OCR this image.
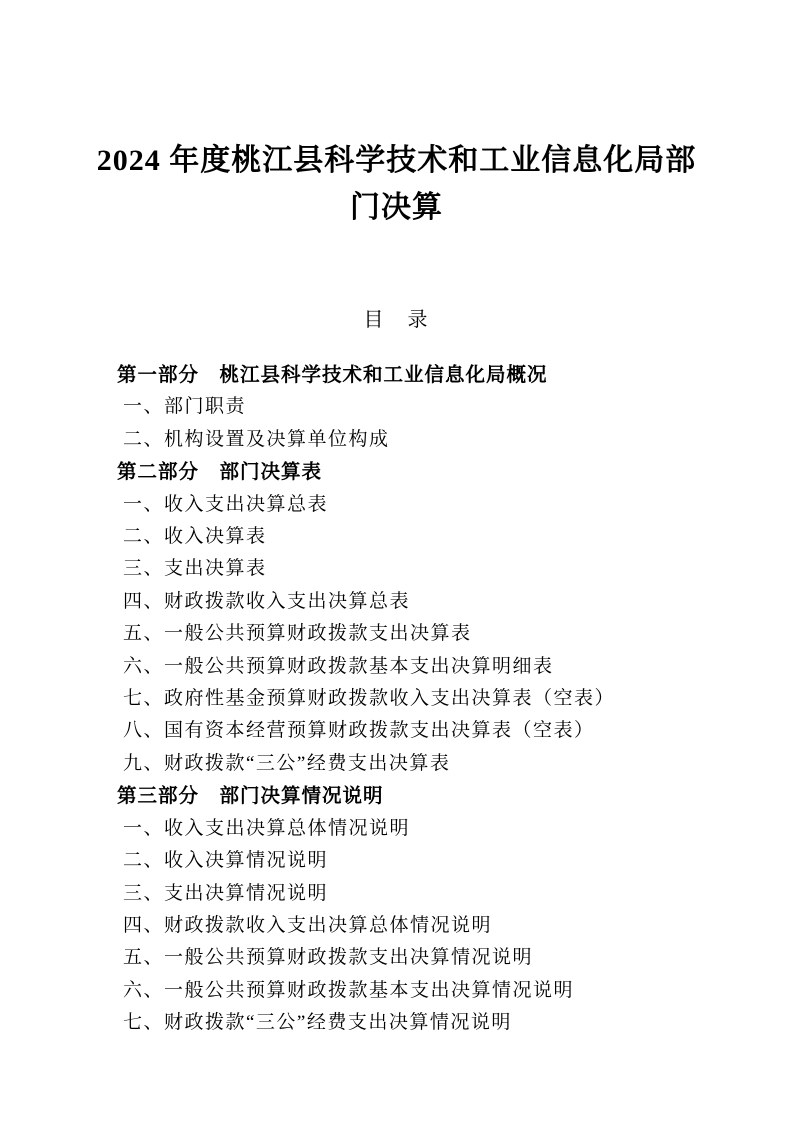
2024 年度桃江县科学技术和工业信息化局部
门决算
目　录
第一部分　桃江县科学技术和工业信息化局概况
一、部门职责
二、机构设置及决算单位构成
第二部分　部门决算表
一、收入支出决算总表
二、收入决算表
三、支出决算表
四、财政拨款收入支出决算总表
五、一般公共预算财政拨款支出决算表
六、一般公共预算财政拨款基本支出决算明细表
七、政府性基金预算财政拨款收入支出决算表（空表）
八、国有资本经营预算财政拨款支出决算表（空表）
九、财政拨款“三公”经费支出决算表
第三部分　部门决算情况说明
一、收入支出决算总体情况说明
二、收入决算情况说明
三、支出决算情况说明
四、财政拨款收入支出决算总体情况说明
五、一般公共预算财政拨款支出决算情况说明
六、一般公共预算财政拨款基本支出决算情况说明
七、财政拨款“三公”经费支出决算情况说明
